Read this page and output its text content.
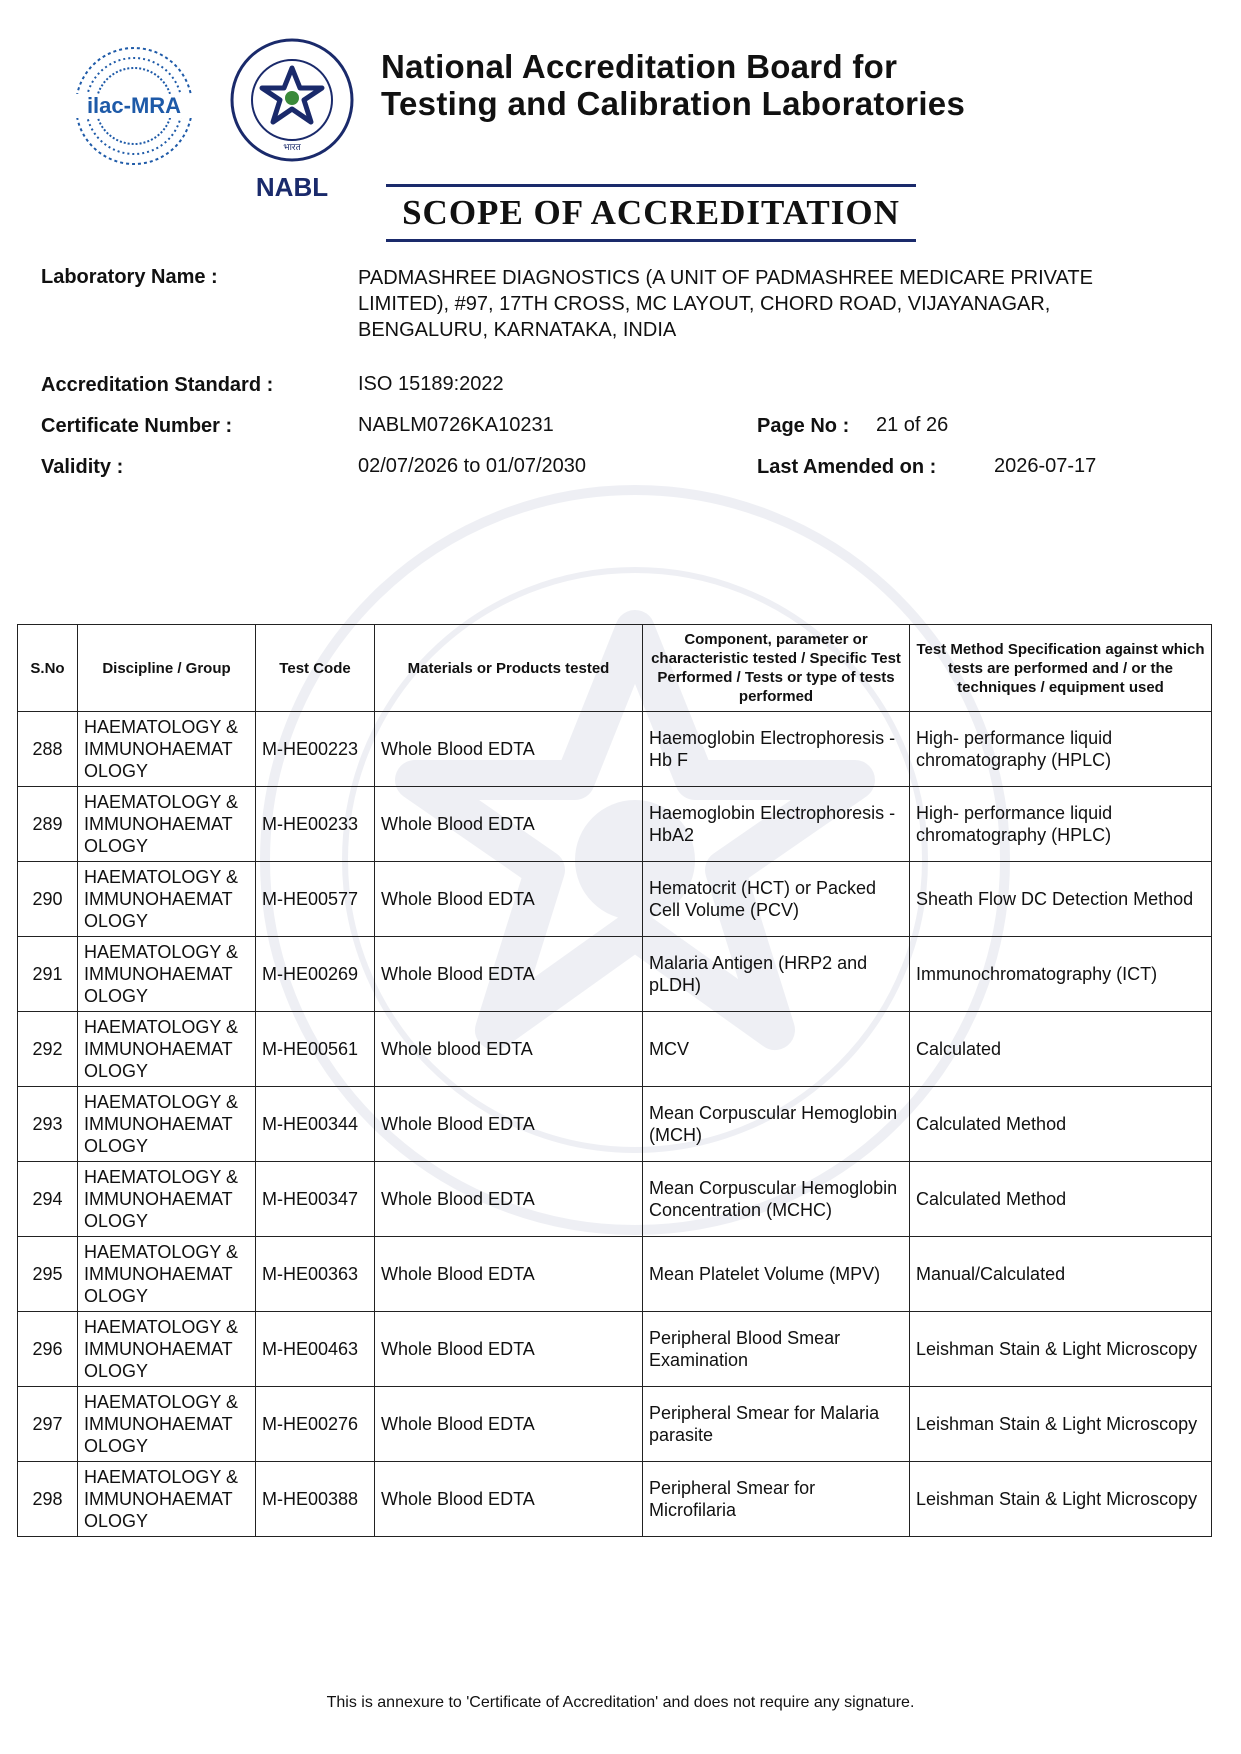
ilac-MRA
भारत
NABL
National Accreditation Board for
Testing and Calibration Laboratories
SCOPE OF ACCREDITATION
Laboratory Name :	PADMASHREE DIAGNOSTICS (A UNIT OF PADMASHREE MEDICARE PRIVATE
LIMITED), #97, 17TH CROSS, MC LAYOUT, CHORD ROAD, VIJAYANAGAR,
BENGALURU, KARNATAKA, INDIA
Accreditation Standard :	ISO 15189:2022
Certificate Number :	NABLM0726KA10231	Page No : 21 of 26
Validity :	02/07/2026 to 01/07/2030	Last Amended on :	2026-07-17
S.No	Discipline / Group	Test Code	Materials or Products tested	Component, parameter or characteristic tested / Specific Test Performed / Tests or type of tests performed	Test Method Specification against which tests are performed and / or the techniques / equipment used
288	HAEMATOLOGY &
IMMUNOHAEMAT
OLOGY	M-HE00223	Whole Blood EDTA	Haemoglobin Electrophoresis - Hb F	High- performance liquid chromatography (HPLC)
289	HAEMATOLOGY &
IMMUNOHAEMAT
OLOGY	M-HE00233	Whole Blood EDTA	Haemoglobin Electrophoresis - HbA2	High- performance liquid chromatography (HPLC)
290	HAEMATOLOGY &
IMMUNOHAEMAT
OLOGY	M-HE00577	Whole Blood EDTA	Hematocrit (HCT) or Packed Cell Volume (PCV)	Sheath Flow DC Detection Method
291	HAEMATOLOGY &
IMMUNOHAEMAT
OLOGY	M-HE00269	Whole Blood EDTA	Malaria Antigen (HRP2 and pLDH)	Immunochromatography (ICT)
292	HAEMATOLOGY &
IMMUNOHAEMAT
OLOGY	M-HE00561	Whole blood EDTA	MCV	Calculated
293	HAEMATOLOGY &
IMMUNOHAEMAT
OLOGY	M-HE00344	Whole Blood EDTA	Mean Corpuscular Hemoglobin (MCH)	Calculated Method
294	HAEMATOLOGY &
IMMUNOHAEMAT
OLOGY	M-HE00347	Whole Blood EDTA	Mean Corpuscular Hemoglobin Concentration (MCHC)	Calculated Method
295	HAEMATOLOGY &
IMMUNOHAEMAT
OLOGY	M-HE00363	Whole Blood EDTA	Mean Platelet Volume (MPV)	Manual/Calculated
296	HAEMATOLOGY &
IMMUNOHAEMAT
OLOGY	M-HE00463	Whole Blood EDTA	Peripheral Blood Smear Examination	Leishman Stain & Light Microscopy
297	HAEMATOLOGY &
IMMUNOHAEMAT
OLOGY	M-HE00276	Whole Blood EDTA	Peripheral Smear for Malaria parasite	Leishman Stain & Light Microscopy
298	HAEMATOLOGY &
IMMUNOHAEMAT
OLOGY	M-HE00388	Whole Blood EDTA	Peripheral Smear for Microfilaria	Leishman Stain & Light Microscopy
This is annexure to 'Certificate of Accreditation' and does not require any signature.
